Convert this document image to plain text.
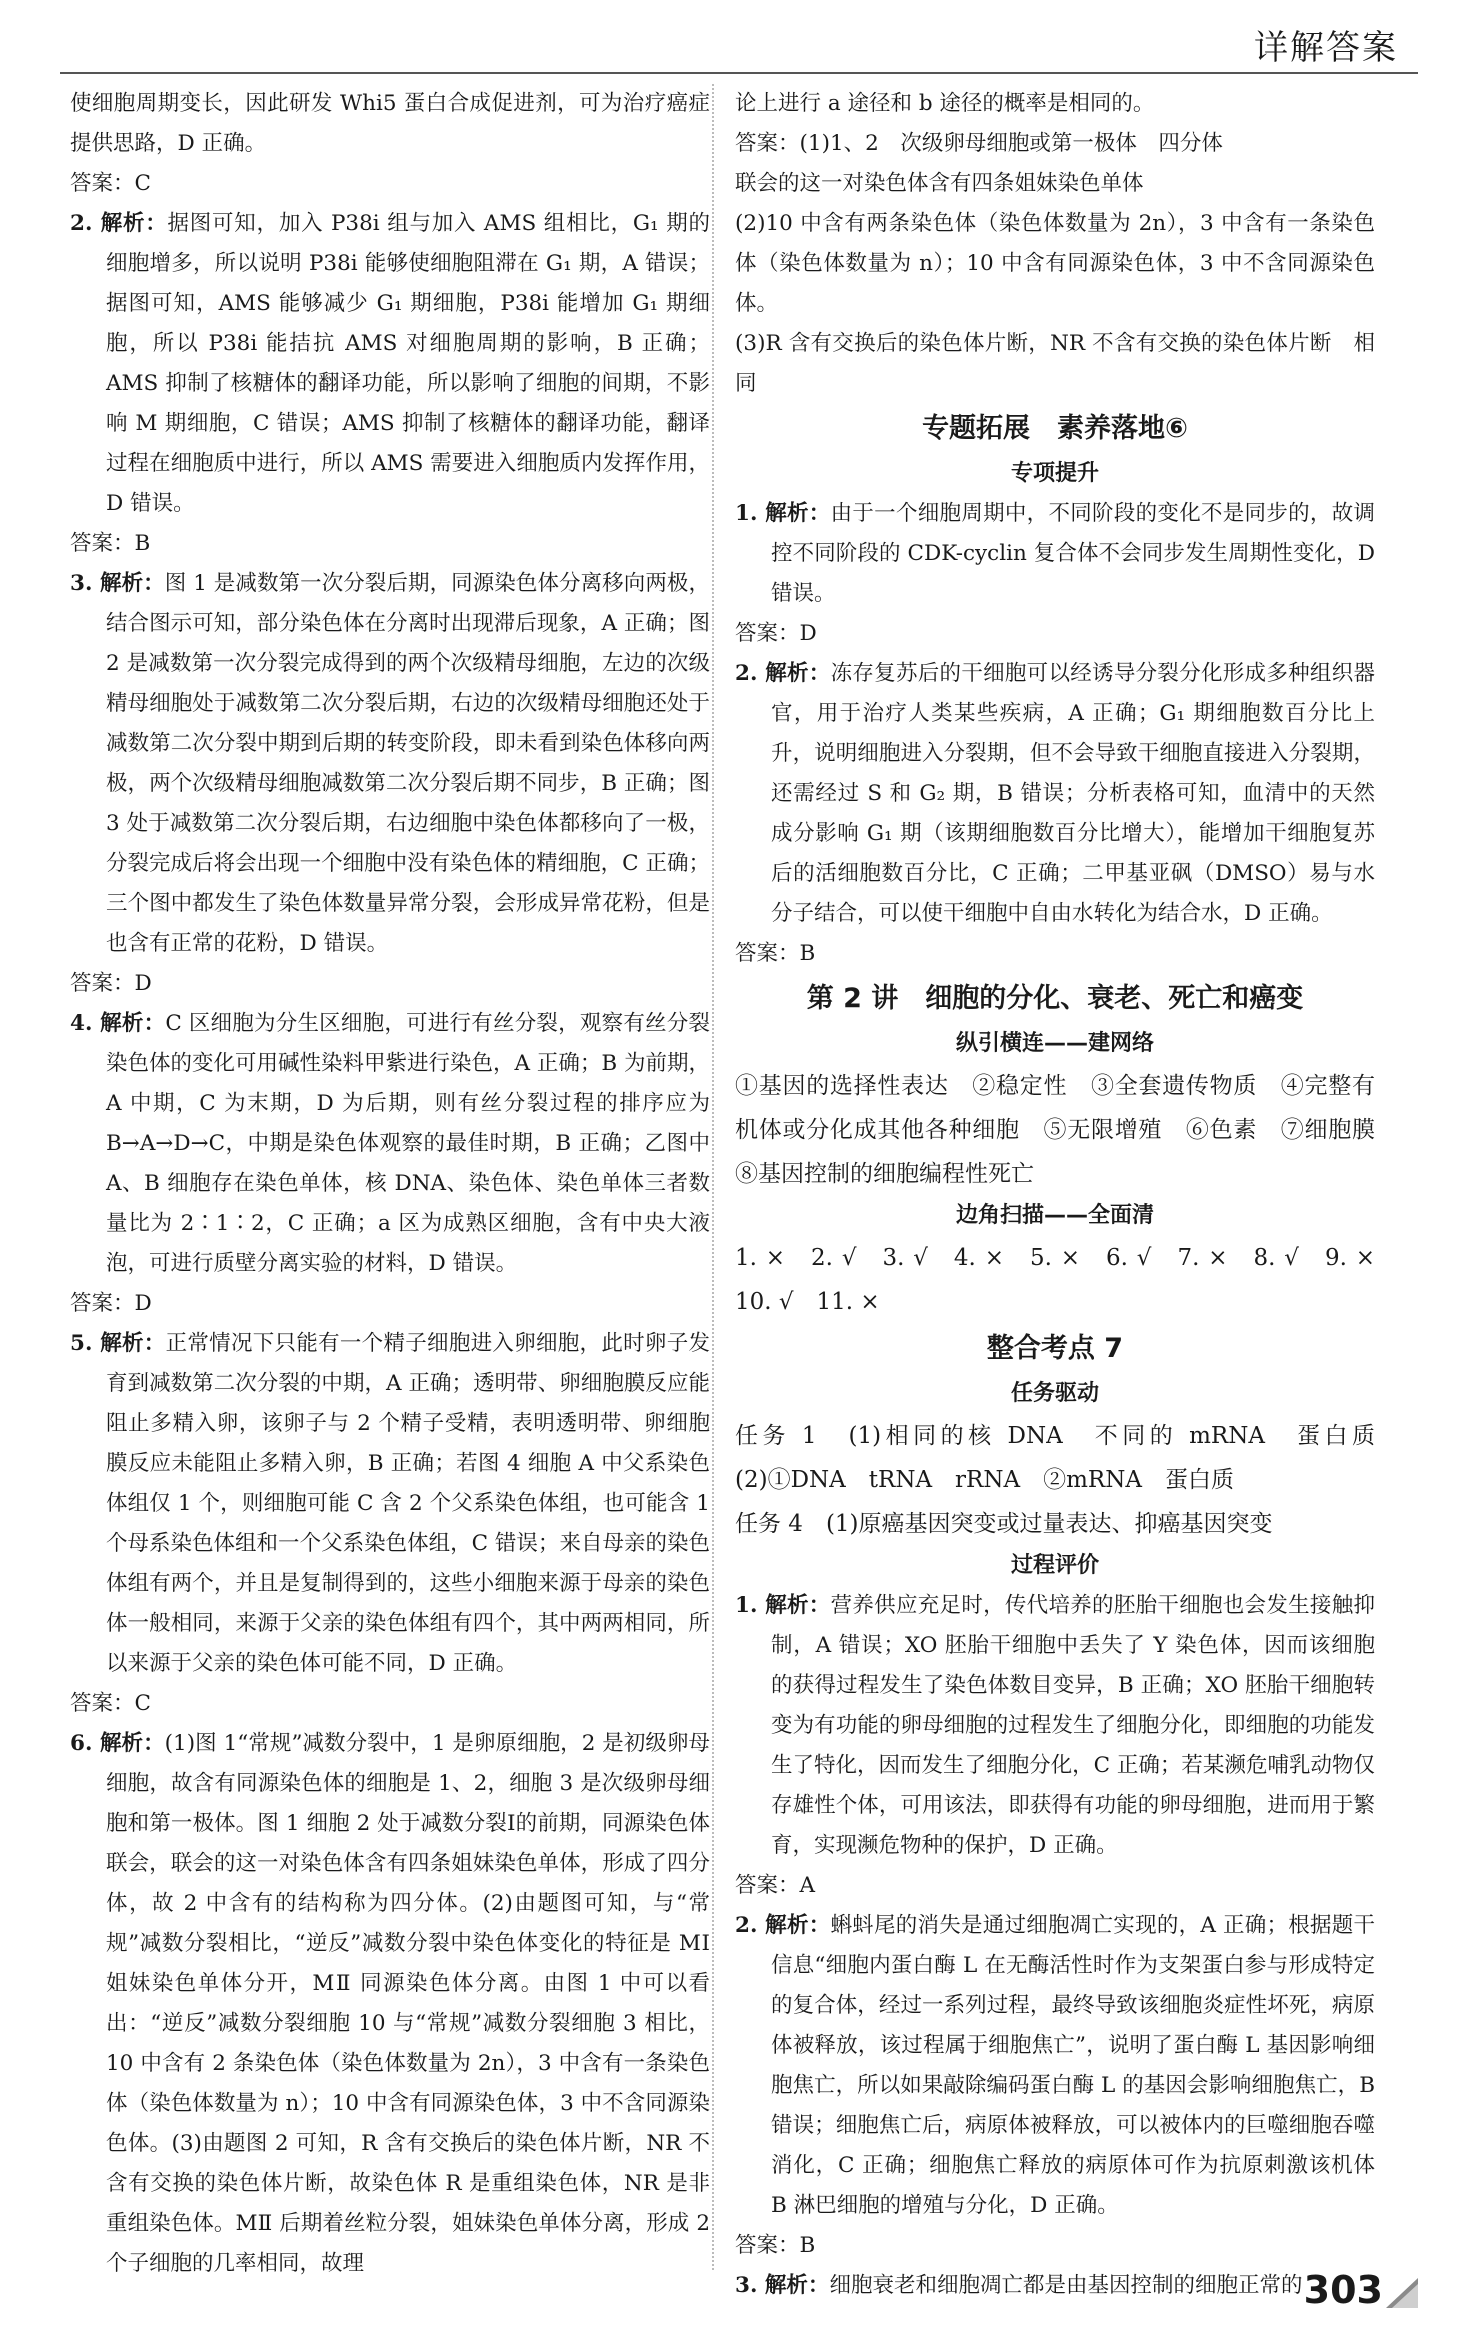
详解答案

使细胞周期变长，因此研发 Whi5 蛋白合成促进剂，可为治疗癌症提供思路，D 正确。

答案：C

2. 解析：据图可知，加入 P38i 组与加入 AMS 组相比，G₁ 期的细胞增多，所以说明 P38i 能够使细胞阻滞在 G₁ 期，A 错误；据图可知，AMS 能够减少 G₁ 期细胞，P38i 能增加 G₁ 期细胞，所以 P38i 能拮抗 AMS 对细胞周期的影响，B 正确；AMS 抑制了核糖体的翻译功能，所以影响了细胞的间期，不影响 M 期细胞，C 错误；AMS 抑制了核糖体的翻译功能，翻译过程在细胞质中进行，所以 AMS 需要进入细胞质内发挥作用，D 错误。

答案：B

3. 解析：图 1 是减数第一次分裂后期，同源染色体分离移向两极，结合图示可知，部分染色体在分离时出现滞后现象，A 正确；图 2 是减数第一次分裂完成得到的两个次级精母细胞，左边的次级精母细胞处于减数第二次分裂后期，右边的次级精母细胞还处于减数第二次分裂中期到后期的转变阶段，即未看到染色体移向两极，两个次级精母细胞减数第二次分裂后期不同步，B 正确；图 3 处于减数第二次分裂后期，右边细胞中染色体都移向了一极，分裂完成后将会出现一个细胞中没有染色体的精细胞，C 正确；三个图中都发生了染色体数量异常分裂，会形成异常花粉，但是也含有正常的花粉，D 错误。

答案：D

4. 解析：C 区细胞为分生区细胞，可进行有丝分裂，观察有丝分裂染色体的变化可用碱性染料甲紫进行染色，A 正确；B 为前期，A 中期，C 为末期，D 为后期，则有丝分裂过程的排序应为 B→A→D→C，中期是染色体观察的最佳时期，B 正确；乙图中 A、B 细胞存在染色单体，核 DNA、染色体、染色单体三者数量比为 2∶1∶2，C 正确；a 区为成熟区细胞，含有中央大液泡，可进行质壁分离实验的材料，D 错误。

答案：D

5. 解析：正常情况下只能有一个精子细胞进入卵细胞，此时卵子发育到减数第二次分裂的中期，A 正确；透明带、卵细胞膜反应能阻止多精入卵，该卵子与 2 个精子受精，表明透明带、卵细胞膜反应未能阻止多精入卵，B 正确；若图 4 细胞 A 中父系染色体组仅 1 个，则细胞可能 C 含 2 个父系染色体组，也可能含 1 个母系染色体组和一个父系染色体组，C 错误；来自母亲的染色体组有两个，并且是复制得到的，这些小细胞来源于母亲的染色体一般相同，来源于父亲的染色体组有四个，其中两两相同，所以来源于父亲的染色体可能不同，D 正确。

答案：C

6. 解析：(1)图 1“常规”减数分裂中，1 是卵原细胞，2 是初级卵母细胞，故含有同源染色体的细胞是 1、2，细胞 3 是次级卵母细胞和第一极体。图 1 细胞 2 处于减数分裂Ⅰ的前期，同源染色体联会，联会的这一对染色体含有四条姐妹染色单体，形成了四分体，故 2 中含有的结构称为四分体。(2)由题图可知，与“常规”减数分裂相比，“逆反”减数分裂中染色体变化的特征是 MⅠ 姐妹染色单体分开，MⅡ 同源染色体分离。由图 1 中可以看出：“逆反”减数分裂细胞 10 与“常规”减数分裂细胞 3 相比，10 中含有 2 条染色体（染色体数量为 2n），3 中含有一条染色体（染色体数量为 n）；10 中含有同源染色体，3 中不含同源染色体。(3)由题图 2 可知，R 含有交换后的染色体片断，NR 不含有交换的染色体片断，故染色体 R 是重组染色体，NR 是非重组染色体。MⅡ 后期着丝粒分裂，姐妹染色单体分离，形成 2 个子细胞的几率相同，故理

论上进行 a 途径和 b 途径的概率是相同的。

答案：(1)1、2　次级卵母细胞或第一极体　四分体

联会的这一对染色体含有四条姐妹染色单体

(2)10 中含有两条染色体（染色体数量为 2n），3 中含有一条染色体（染色体数量为 n）；10 中含有同源染色体，3 中不含同源染色体。

(3)R 含有交换后的染色体片断，NR 不含有交换的染色体片断　相同

专题拓展　素养落地⑥

专项提升

1. 解析：由于一个细胞周期中，不同阶段的变化不是同步的，故调控不同阶段的 CDK-cyclin 复合体不会同步发生周期性变化，D 错误。

答案：D

2. 解析：冻存复苏后的干细胞可以经诱导分裂分化形成多种组织器官，用于治疗人类某些疾病，A 正确；G₁ 期细胞数百分比上升，说明细胞进入分裂期，但不会导致干细胞直接进入分裂期，还需经过 S 和 G₂ 期，B 错误；分析表格可知，血清中的天然成分影响 G₁ 期（该期细胞数百分比增大），能增加干细胞复苏后的活细胞数百分比，C 正确；二甲基亚砜（DMSO）易与水分子结合，可以使干细胞中自由水转化为结合水，D 正确。

答案：B

第 2 讲　细胞的分化、衰老、死亡和癌变

纵引横连——建网络

①基因的选择性表达　②稳定性　③全套遗传物质　④完整有机体或分化成其他各种细胞　⑤无限增殖　⑥色素　⑦细胞膜　⑧基因控制的细胞编程性死亡

边角扫描——全面清

1. ×　2. √　3. √　4. ×　5. ×　6. √　7. ×　8. √　9. ×　10. √　11. ×

整合考点 7

任务驱动

任务 1　(1)相同的核 DNA　不同的 mRNA　蛋白质　(2)①DNA　tRNA　rRNA　②mRNA　蛋白质

任务 4　(1)原癌基因突变或过量表达、抑癌基因突变

过程评价

1. 解析：营养供应充足时，传代培养的胚胎干细胞也会发生接触抑制，A 错误；XO 胚胎干细胞中丢失了 Y 染色体，因而该细胞的获得过程发生了染色体数目变异，B 正确；XO 胚胎干细胞转变为有功能的卵母细胞的过程发生了细胞分化，即细胞的功能发生了特化，因而发生了细胞分化，C 正确；若某濒危哺乳动物仅存雄性个体，可用该法，即获得有功能的卵母细胞，进而用于繁育，实现濒危物种的保护，D 正确。

答案：A

2. 解析：蝌蚪尾的消失是通过细胞凋亡实现的，A 正确；根据题干信息“细胞内蛋白酶 L 在无酶活性时作为支架蛋白参与形成特定的复合体，经过一系列过程，最终导致该细胞炎症性坏死，病原体被释放，该过程属于细胞焦亡”，说明了蛋白酶 L 基因影响细胞焦亡，所以如果敲除编码蛋白酶 L 的基因会影响细胞焦亡，B 错误；细胞焦亡后，病原体被释放，可以被体内的巨噬细胞吞噬消化，C 正确；细胞焦亡释放的病原体可作为抗原刺激该机体 B 淋巴细胞的增殖与分化，D 正确。

答案：B

3. 解析：细胞衰老和细胞凋亡都是由基因控制的细胞正常的 303
